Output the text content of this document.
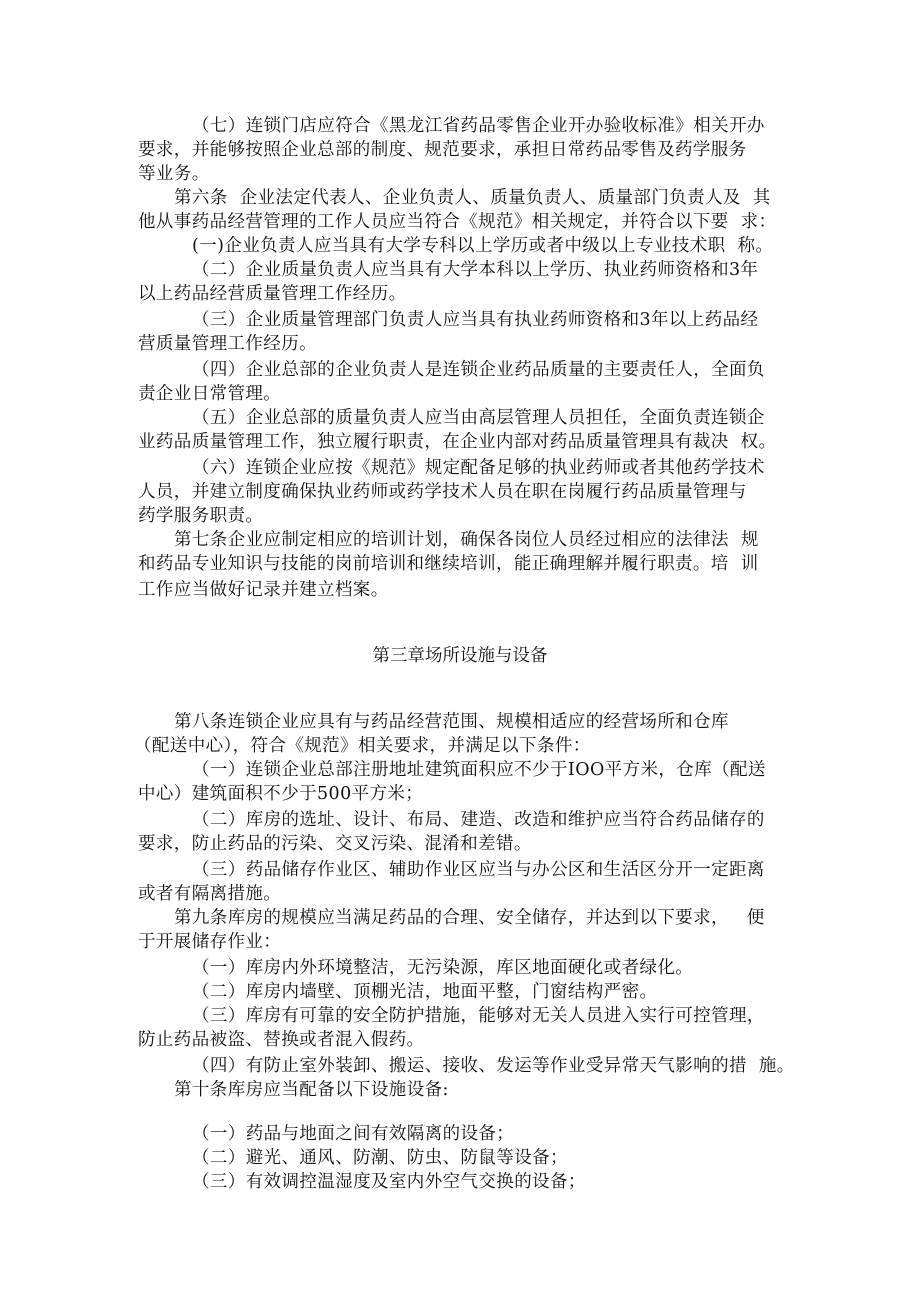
（七）连锁门店应符合《黑龙江省药品零售企业开办验收标准》相关开办
要求，并能够按照企业总部的制度、规范要求，承担日常药品零售及药学服务
等业务。
第六条  企业法定代表人、企业负责人、质量负责人、质量部门负责人及  其
他从事药品经营管理的工作人员应当符合《规范》相关规定，并符合以下要  求：
(一)企业负责人应当具有大学专科以上学历或者中级以上专业技术职  称。
（二）企业质量负责人应当具有大学本科以上学历、执业药师资格和3年
以上药品经营质量管理工作经历。
（三）企业质量管理部门负责人应当具有执业药师资格和3年以上药品经
营质量管理工作经历。
（四）企业总部的企业负责人是连锁企业药品质量的主要责任人，全面负
责企业日常管理。
（五）企业总部的质量负责人应当由高层管理人员担任，全面负责连锁企
业药品质量管理工作，独立履行职责，在企业内部对药品质量管理具有裁决  权。
（六）连锁企业应按《规范》规定配备足够的执业药师或者其他药学技术
人员，并建立制度确保执业药师或药学技术人员在职在岗履行药品质量管理与
药学服务职责。
第七条企业应制定相应的培训计划，确保各岗位人员经过相应的法律法  规
和药品专业知识与技能的岗前培训和继续培训，能正确理解并履行职责。培  训
工作应当做好记录并建立档案。
第三章场所设施与设备
第八条连锁企业应具有与药品经营范围、规模相适应的经营场所和仓库
（配送中心），符合《规范》相关要求，并满足以下条件：
（一）连锁企业总部注册地址建筑面积应不少于IOO平方米，仓库（配送
中心）建筑面积不少于500平方米；
（二）库房的选址、设计、布局、建造、改造和维护应当符合药品储存的
要求，防止药品的污染、交叉污染、混淆和差错。
（三）药品储存作业区、辅助作业区应当与办公区和生活区分开一定距离
或者有隔离措施。
第九条库房的规模应当满足药品的合理、安全储存，并达到以下要求，   便
于开展储存作业：
（一）库房内外环境整洁，无污染源，库区地面硬化或者绿化。
（二）库房内墙壁、顶棚光洁，地面平整，门窗结构严密。
（三）库房有可靠的安全防护措施，能够对无关人员进入实行可控管理，
防止药品被盗、替换或者混入假药。
（四）有防止室外装卸、搬运、接收、发运等作业受异常天气影响的措  施。
第十条库房应当配备以下设施设备:
（一）药品与地面之间有效隔离的设备；
（二）避光、通风、防潮、防虫、防鼠等设备；
（三）有效调控温湿度及室内外空气交换的设备；
